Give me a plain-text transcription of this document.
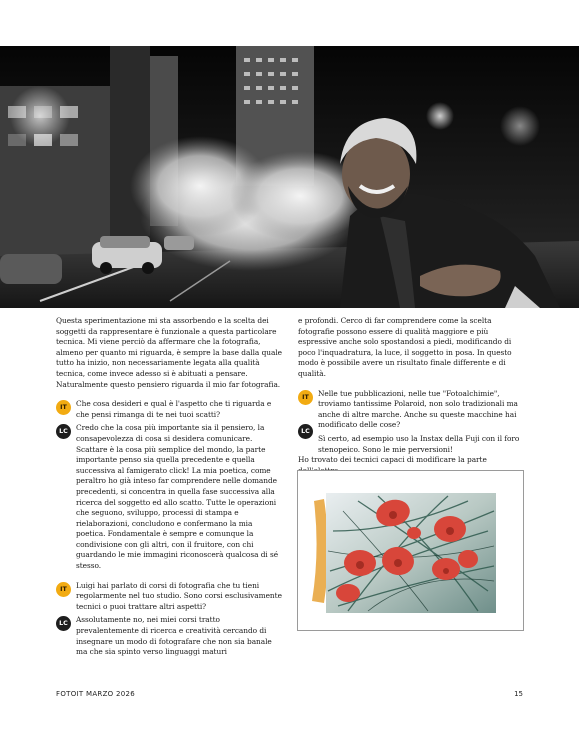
Questa sperimentazione mi sta assorbendo e la scelta dei soggetti da rappresentare è funzionale a questa particolare tecnica. Mi viene perciò da affermare che la fotografia, almeno per quanto mi riguarda, è sempre la base dalla quale tutto ha inizio, non necessariamente legata alla qualità tecnica, come invece adesso si è abituati a pensare. Naturalmente questo pensiero riguarda il mio far fotografia.

IT	Che cosa desideri e qual è l'aspetto che ti riguarda e che pensi rimanga di te nei tuoi scatti?
LC	Credo che la cosa più importante sia il pensiero, la consapevolezza di cosa si desidera comunicare. Scattare è la cosa più semplice del mondo, la parte importante penso sia quella precedente e quella successiva al famigerato click! La mia poetica, come peraltro ho già inteso far comprendere nelle domande precedenti, si concentra in quella fase successiva alla ricerca del soggetto ed allo scatto. Tutte le operazioni che seguono, sviluppo, processi di stampa e rielaborazioni, concludono e confermano la mia poetica. Fondamentale è sempre e comunque la condivisione con gli altri, con il fruitore, con chi guardando le mie immagini riconoscerà qualcosa di sé stesso.
IT	Luigi hai parlato di corsi di fotografia che tu tieni regolarmente nel tuo studio. Sono corsi esclusivamente tecnici o puoi trattare altri aspetti?
LC	Assolutamente no, nei miei corsi tratto prevalentemente di ricerca e creatività cercando di insegnare un modo di fotografare che non sia banale ma che sia spinto verso linguaggi maturi

e profondi. Cerco di far comprendere come la scelta fotografie possono essere di qualità maggiore e più espressive anche solo spostandosi a piedi, modificando di poco l'inquadratura, la luce, il soggetto in posa. In questo modo è possibile avere un risultato finale differente e di qualità.

IT	Nelle tue pubblicazioni, nelle tue "Fotoalchimie", troviamo tantissime Polaroid, non solo tradizionali ma anche di altre marche. Anche su queste macchine hai modificato delle cose?
LC
Sì certo, ad esempio uso la Instax della Fuji con il foro stenopeico. Sono le mie perversioni!

Ho trovato dei tecnici capaci di modificare la parte

FOTOIT MARZO 2026	15
